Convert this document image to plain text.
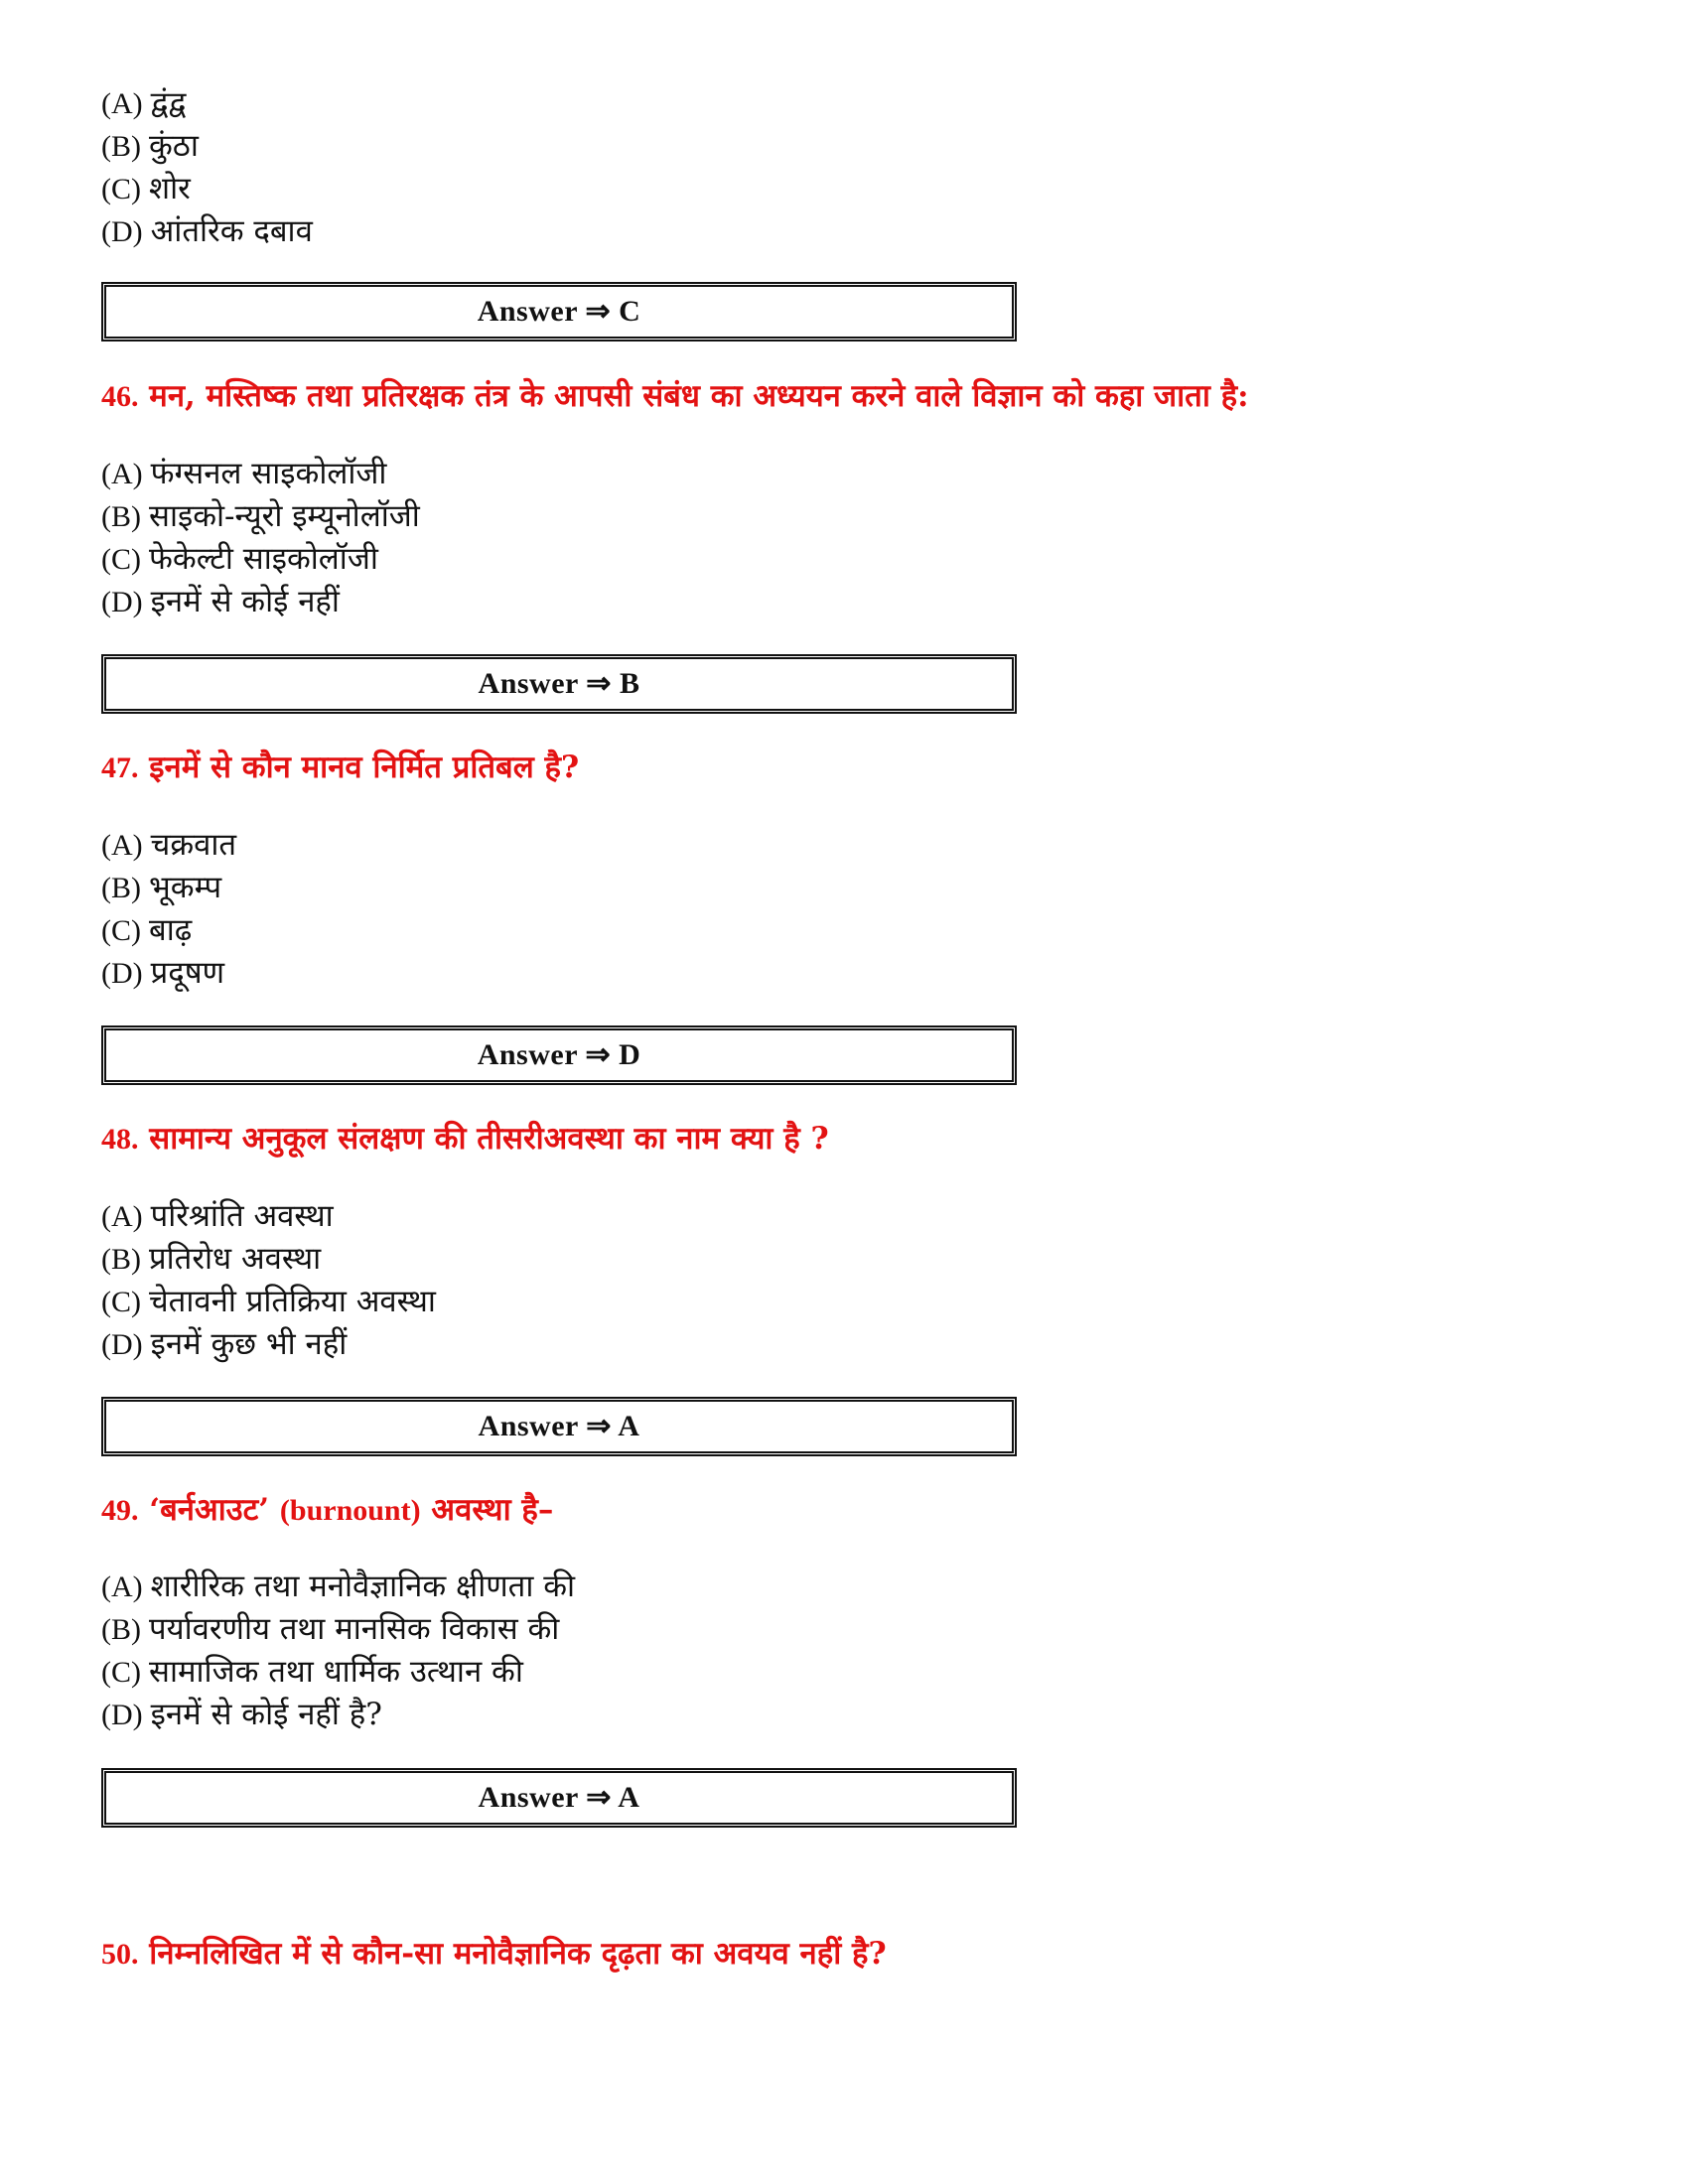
(A) द्वंद्व
(B) कुंठा
(C) शोर
(D) आंतरिक दबाव
Answer ⇒ C
46. मन, मस्तिष्क तथा प्रतिरक्षक तंत्र के आपसी संबंध का अध्ययन करने वाले विज्ञान को कहा जाता है:
(A) फंग्सनल साइकोलॉजी
(B) साइको-न्यूरो इम्यूनोलॉजी
(C) फेकेल्टी साइकोलॉजी
(D) इनमें से कोई नहीं
Answer ⇒ B
47. इनमें से कौन मानव निर्मित प्रतिबल है?
(A) चक्रवात
(B) भूकम्प
(C) बाढ़
(D) प्रदूषण
Answer ⇒ D
48. सामान्य अनुकूल संलक्षण की तीसरीअवस्था का नाम क्या है ?
(A) परिश्रांति अवस्था
(B) प्रतिरोध अवस्था
(C) चेतावनी प्रतिक्रिया अवस्था
(D) इनमें कुछ भी नहीं
Answer ⇒ A
49. ‘बर्नआउट’ (burnount) अवस्था है–
(A) शारीरिक तथा मनोवैज्ञानिक क्षीणता की
(B) पर्यावरणीय तथा मानसिक विकास की
(C) सामाजिक तथा धार्मिक उत्थान की
(D) इनमें से कोई नहीं है?
Answer ⇒ A
50. निम्नलिखित में से कौन-सा मनोवैज्ञानिक दृढ़ता का अवयव नहीं है?
